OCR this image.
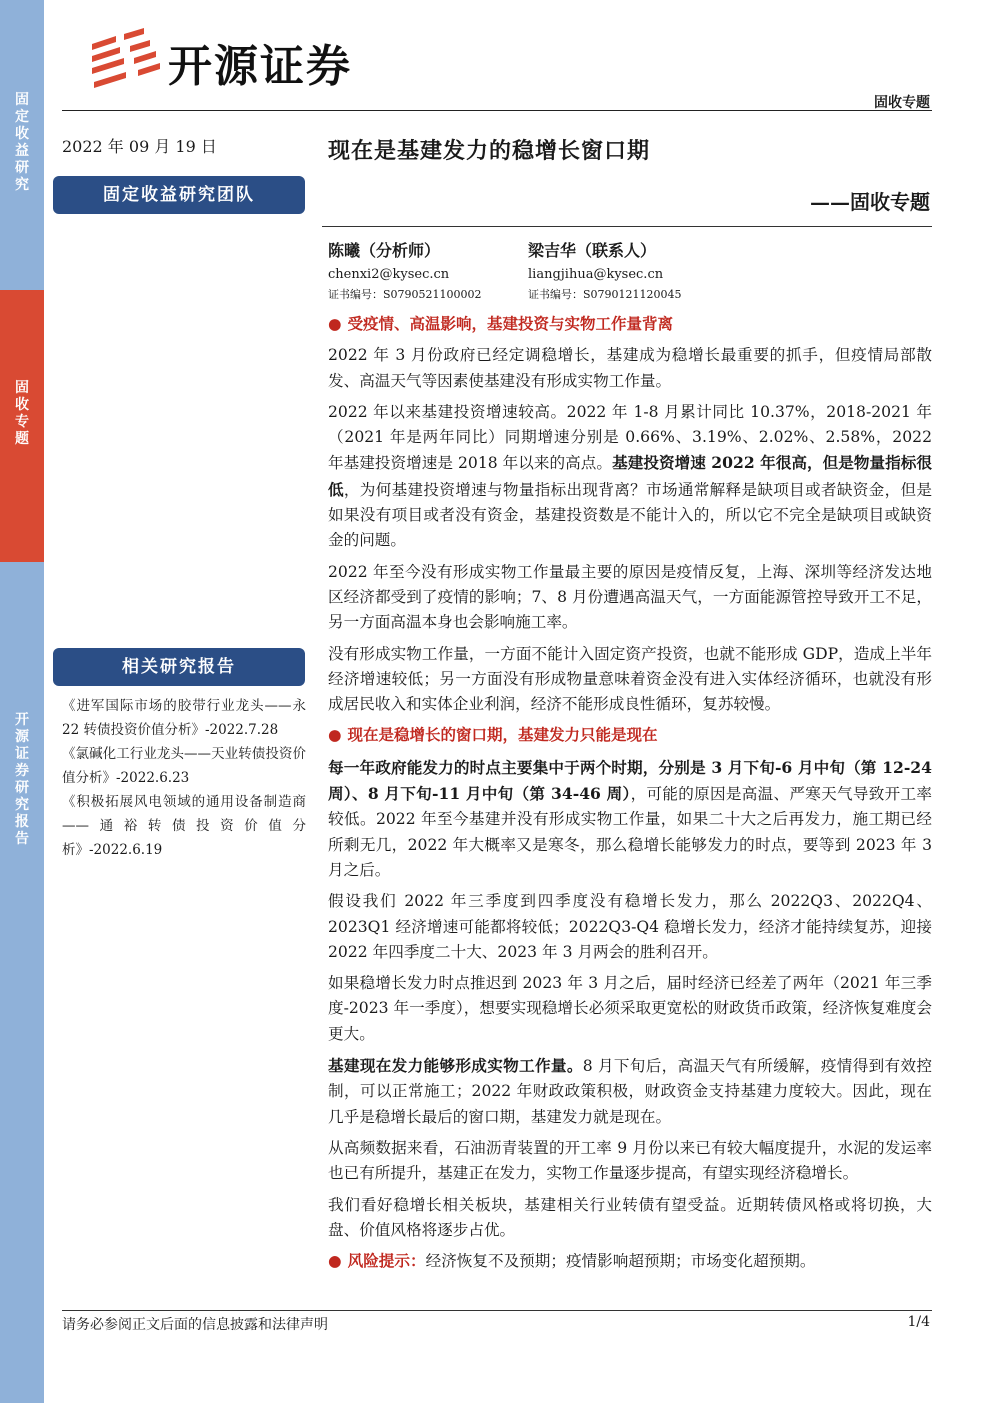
固定收益研究
固收专题
开源证券研究报告
开源证券
固收专题
2022 年 09 月 19 日
固定收益研究团队
相关研究报告

《进军国际市场的胶带行业龙头——永 22 转债投资价值分析》-2022.7.28

《氯碱化工行业龙头——天业转债投资价值分析》-2022.6.23

《积极拓展风电领域的通用设备制造商——通裕转债投资价值分析》-2022.6.19

现在是基建发力的稳增长窗口期
——固收专题
陈曦（分析师）
chenxi2@kysec.cn
证书编号：S0790521100002
梁吉华（联系人）
liangjihua@kysec.cn
证书编号：S0790121120045
● 受疫情、高温影响，基建投资与实物工作量背离

2022 年 3 月份政府已经定调稳增长，基建成为稳增长最重要的抓手，但疫情局部散发、高温天气等因素使基建没有形成实物工作量。

2022 年以来基建投资增速较高。2022 年 1-8 月累计同比 10.37%，2018-2021 年（2021 年是两年同比）同期增速分别是 0.66%、3.19%、2.02%、2.58%，2022 年基建投资增速是 2018 年以来的高点。基建投资增速 2022 年很高，但是物量指标很低，为何基建投资增速与物量指标出现背离？市场通常解释是缺项目或者缺资金，但是如果没有项目或者没有资金，基建投资数是不能计入的，所以它不完全是缺项目或缺资金的问题。

2022 年至今没有形成实物工作量最主要的原因是疫情反复，上海、深圳等经济发达地区经济都受到了疫情的影响；7、8 月份遭遇高温天气，一方面能源管控导致开工不足，另一方面高温本身也会影响施工率。

没有形成实物工作量，一方面不能计入固定资产投资，也就不能形成 GDP，造成上半年经济增速较低；另一方面没有形成物量意味着资金没有进入实体经济循环，也就没有形成居民收入和实体企业利润，经济不能形成良性循环，复苏较慢。

● 现在是稳增长的窗口期，基建发力只能是现在

每一年政府能发力的时点主要集中于两个时期，分别是 3 月下旬-6 月中旬（第 12-24 周）、8 月下旬-11 月中旬（第 34-46 周），可能的原因是高温、严寒天气导致开工率较低。2022 年至今基建并没有形成实物工作量，如果二十大之后再发力，施工期已经所剩无几，2022 年大概率又是寒冬，那么稳增长能够发力的时点，要等到 2023 年 3 月之后。

假设我们 2022 年三季度到四季度没有稳增长发力，那么 2022Q3、2022Q4、2023Q1 经济增速可能都将较低；2022Q3-Q4 稳增长发力，经济才能持续复苏，迎接 2022 年四季度二十大、2023 年 3 月两会的胜利召开。

如果稳增长发力时点推迟到 2023 年 3 月之后，届时经济已经差了两年（2021 年三季度-2023 年一季度），想要实现稳增长必须采取更宽松的财政货币政策，经济恢复难度会更大。

基建现在发力能够形成实物工作量。8 月下旬后，高温天气有所缓解，疫情得到有效控制，可以正常施工；2022 年财政政策积极，财政资金支持基建力度较大。因此，现在几乎是稳增长最后的窗口期，基建发力就是现在。

从高频数据来看，石油沥青装置的开工率 9 月份以来已有较大幅度提升，水泥的发运率也已有所提升，基建正在发力，实物工作量逐步提高，有望实现经济稳增长。

我们看好稳增长相关板块，基建相关行业转债有望受益。近期转债风格或将切换，大盘、价值风格将逐步占优。

● 风险提示：经济恢复不及预期；疫情影响超预期；市场变化超预期。

请务必参阅正文后面的信息披露和法律声明	1/4
